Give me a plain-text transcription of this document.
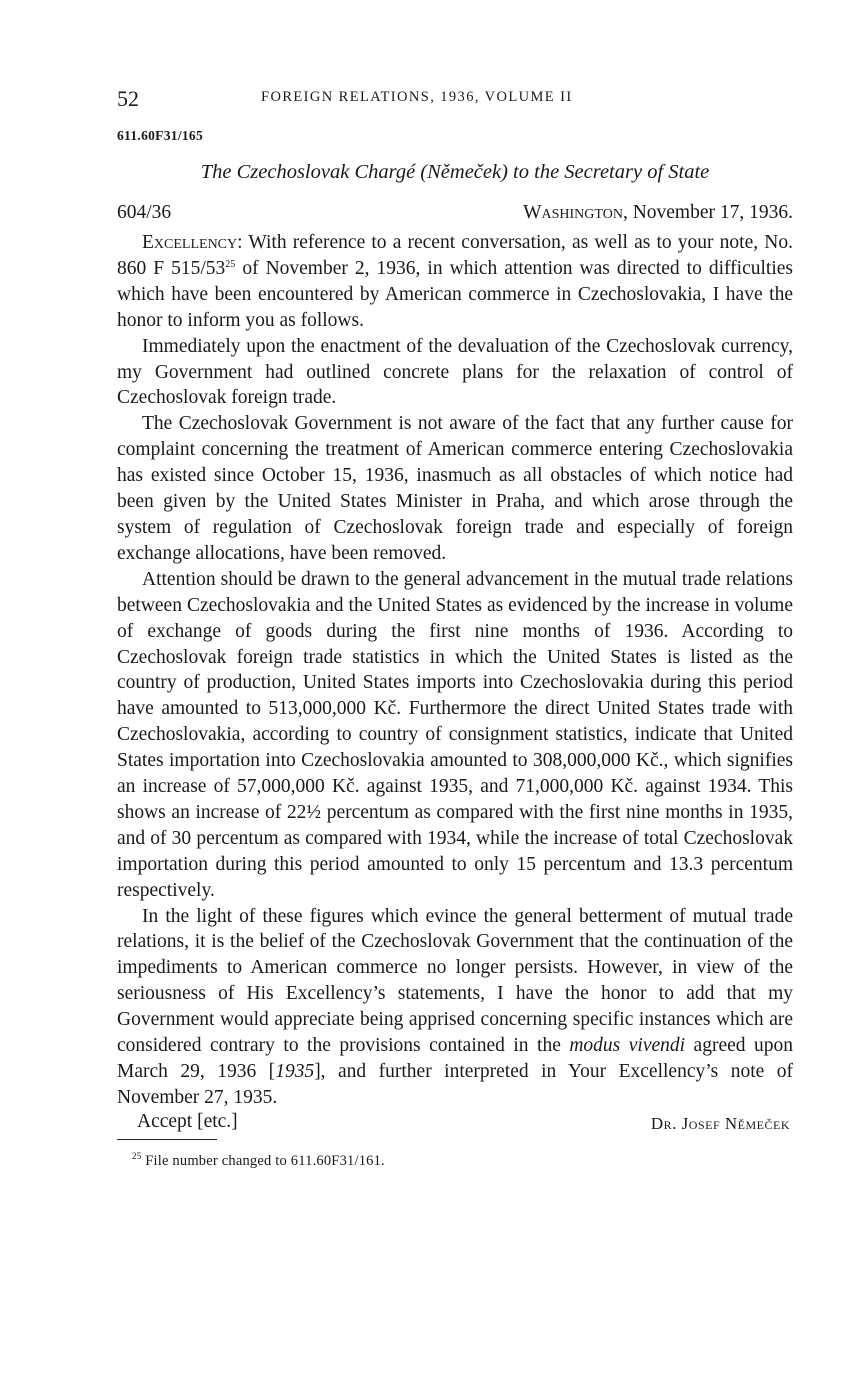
52	FOREIGN RELATIONS, 1936, VOLUME II
611.60F31/165
The Czechoslovak Chargé (Němeček) to the Secretary of State
604/36	Washington, November 17, 1936.

Excellency: With reference to a recent conversation, as well as to your note, No. 860 F $515/53^{25}$ of November 2, 1936, in which attention was directed to difficulties which have been encountered by American commerce in Czechoslovakia, I have the honor to inform you as follows.

Immediately upon the enactment of the devaluation of the Czechoslovak currency, my Government had outlined concrete plans for the relaxation of control of Czechoslovak foreign trade.

The Czechoslovak Government is not aware of the fact that any further cause for complaint concerning the treatment of American commerce entering Czechoslovakia has existed since October 15, 1936, inasmuch as all obstacles of which notice had been given by the United States Minister in Praha, and which arose through the system of regulation of Czechoslovak foreign trade and especially of foreign exchange allocations, have been removed.

Attention should be drawn to the general advancement in the mutual trade relations between Czechoslovakia and the United States as evidenced by the increase in volume of exchange of goods during the first nine months of 1936. According to Czechoslovak foreign trade statistics in which the United States is listed as the country of production, United States imports into Czechoslovakia during this period have amounted to 513,000,000 Kč. Furthermore the direct United States trade with Czechoslovakia, according to country of consignment statistics, indicate that United States importation into Czechoslovakia amounted to 308,000,000 Kč., which signifies an increase of 57,000,000 Kč. against 1935, and 71,000,000 Kč. against 1934. This shows an increase of 22½ percentum as compared with the first nine months in 1935, and of 30 percentum as compared with 1934, while the increase of total Czechoslovak importation during this period amounted to only 15 percentum and 13.3 percentum respectively.

In the light of these figures which evince the general betterment of mutual trade relations, it is the belief of the Czechoslovak Government that the continuation of the impediments to American commerce no longer persists. However, in view of the seriousness of His Excellency’s statements, I have the honor to add that my Government would appreciate being apprised concerning specific instances which are considered contrary to the provisions contained in the modus vivendi agreed upon March 29, 1936 [1935], and further interpreted in Your Excellency’s note of November 27, 1935.

Accept [etc.]	Dr. Josef Němeček
$^{25}$ File number changed to 611.60F31/161.
